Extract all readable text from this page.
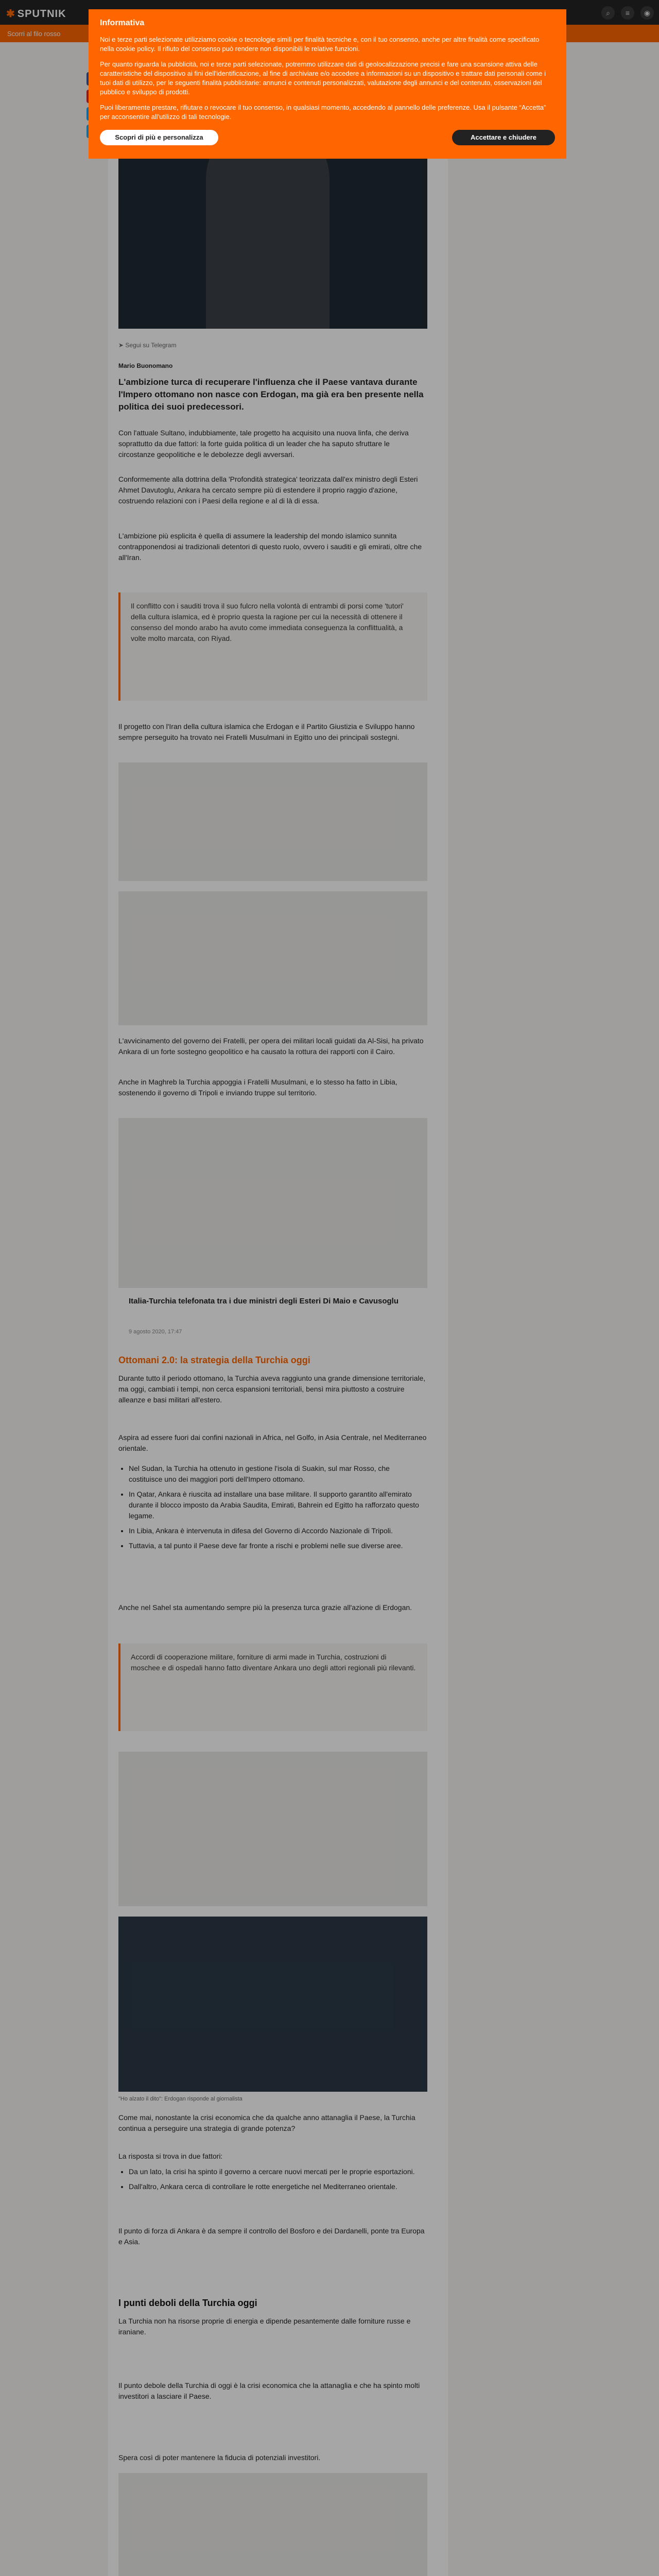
✱ SPUTNIK	⌕	≡	◉
Scorri al filo rosso
➤ Segui su Telegram
Mario Buonomano
L'ambizione turca di recuperare l'influenza che il Paese vantava durante l'Impero ottomano non nasce con Erdogan, ma già era ben presente nella politica dei suoi predecessori.
Con l'attuale Sultano, indubbiamente, tale progetto ha acquisito una nuova linfa, che deriva soprattutto da due fattori: la forte guida politica di un leader che ha saputo sfruttare le circostanze geopolitiche e le debolezze degli avversari.
Conformemente alla dottrina della 'Profondità strategica' teorizzata dall'ex ministro degli Esteri Ahmet Davutoglu, Ankara ha cercato sempre più di estendere il proprio raggio d'azione, costruendo relazioni con i Paesi della regione e al di là di essa.
L'ambizione più esplicita è quella di assumere la leadership del mondo islamico sunnita contrapponendosi ai tradizionali detentori di questo ruolo, ovvero i sauditi e gli emirati, oltre che all'Iran.
Il conflitto con i sauditi trova il suo fulcro nella volontà di entrambi di porsi come 'tutori' della cultura islamica, ed è proprio questa la ragione per cui la necessità di ottenere il consenso del mondo arabo ha avuto come immediata conseguenza la conflittualità, a volte molto marcata, con Riyad.
Il progetto con l'Iran della cultura islamica che Erdogan e il Partito Giustizia e Sviluppo hanno sempre perseguito ha trovato nei Fratelli Musulmani in Egitto uno dei principali sostegni.
L'avvicinamento del governo dei Fratelli, per opera dei militari locali guidati da Al-Sisi, ha privato Ankara di un forte sostegno geopolitico e ha causato la rottura dei rapporti con il Cairo.
Anche in Maghreb la Turchia appoggia i Fratelli Musulmani, e lo stesso ha fatto in Libia, sostenendo il governo di Tripoli e inviando truppe sul territorio.
Italia-Turchia telefonata tra i due ministri degli Esteri Di Maio e Cavusoglu
9 agosto 2020, 17:47
Ottomani 2.0: la strategia della Turchia oggi
Durante tutto il periodo ottomano, la Turchia aveva raggiunto una grande dimensione territoriale, ma oggi, cambiati i tempi, non cerca espansioni territoriali, bensì mira piuttosto a costruire alleanze e basi militari all'estero.
Aspira ad essere fuori dai confini nazionali in Africa, nel Golfo, in Asia Centrale, nel Mediterraneo orientale.
• Nel Sudan, la Turchia ha ottenuto in gestione l'isola di Suakin, sul mar Rosso, che costituisce uno dei maggiori porti dell'Impero ottomano.
• In Qatar, Ankara è riuscita ad installare una base militare. Il supporto garantito all'emirato durante il blocco imposto da Arabia Saudita, Emirati, Bahrein ed Egitto ha rafforzato questo legame.
• In Libia, Ankara è intervenuta in difesa del Governo di Accordo Nazionale di Tripoli.
• Tuttavia, a tal punto il Paese deve far fronte a rischi e problemi nelle sue diverse aree.
Anche nel Sahel sta aumentando sempre più la presenza turca grazie all'azione di Erdogan.
Accordi di cooperazione militare, forniture di armi made in Turchia, costruzioni di moschee e di ospedali hanno fatto diventare Ankara uno degli attori regionali più rilevanti.
"Ho alzato il dito": Erdogan risponde al giornalista
Come mai, nonostante la crisi economica che da qualche anno attanaglia il Paese, la Turchia continua a perseguire una strategia di grande potenza?
La risposta si trova in due fattori:
• Da un lato, la crisi ha spinto il governo a cercare nuovi mercati per le proprie esportazioni.
• Dall'altro, Ankara cerca di controllare le rotte energetiche nel Mediterraneo orientale.
Il punto di forza di Ankara è da sempre il controllo del Bosforo e dei Dardanelli, ponte tra Europa e Asia.
I punti deboli della Turchia oggi
La Turchia non ha risorse proprie di energia e dipende pesantemente dalle forniture russe e iraniane.
Il punto debole della Turchia di oggi è la crisi economica che la attanaglia e che ha spinto molti investitori a lasciare il Paese.
Spera così di poter mantenere la fiducia di potenziali investitori.
Informativa

Noi e terze parti selezionate utilizziamo cookie o tecnologie simili per finalità tecniche e, con il tuo consenso, anche per altre finalità come specificato nella cookie policy. Il rifiuto del consenso può rendere non disponibili le relative funzioni.

Per quanto riguarda la pubblicità, noi e terze parti selezionate, potremmo utilizzare dati di geolocalizzazione precisi e fare una scansione attiva delle caratteristiche del dispositivo ai fini dell'identificazione, al fine di archiviare e/o accedere a informazioni su un dispositivo e trattare dati personali come i tuoi dati di utilizzo, per le seguenti finalità pubblicitarie: annunci e contenuti personalizzati, valutazione degli annunci e del contenuto, osservazioni del pubblico e sviluppo di prodotti.

Puoi liberamente prestare, rifiutare o revocare il tuo consenso, in qualsiasi momento, accedendo al pannello delle preferenze. Usa il pulsante “Accetta” per acconsentire all'utilizzo di tali tecnologie.

Scopri di più e personalizza	Accettare e chiudere
